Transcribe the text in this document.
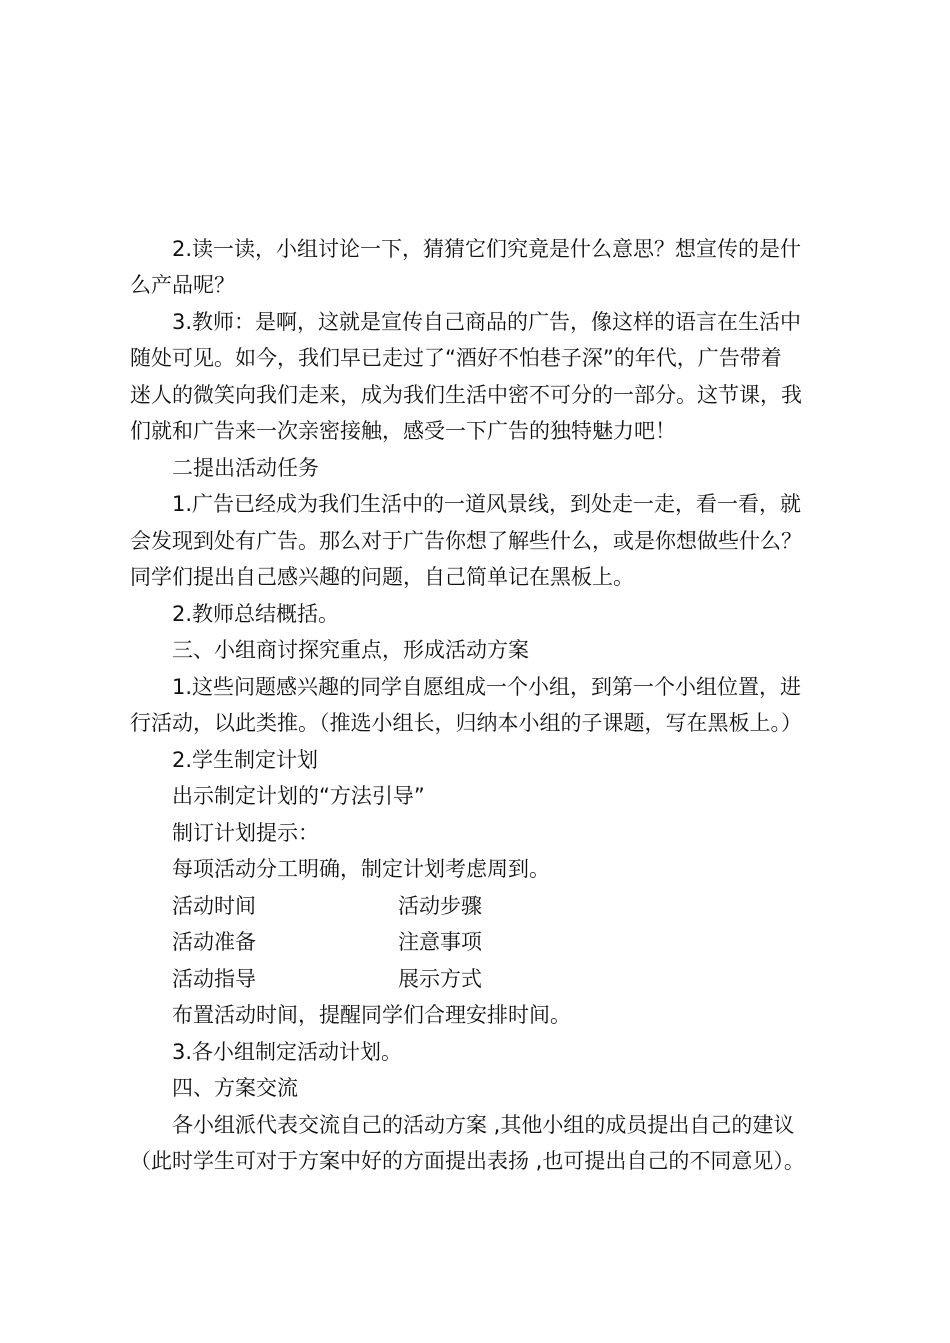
2.读一读，小组讨论一下，猜猜它们究竟是什么意思？想宣传的是什
么产品呢？
3.教师：是啊，这就是宣传自己商品的广告，像这样的语言在生活中
随处可见。如今，我们早已走过了“酒好不怕巷子深”的年代，广告带着
迷人的微笑向我们走来，成为我们生活中密不可分的一部分。这节课，我
们就和广告来一次亲密接触，感受一下广告的独特魅力吧！
二提出活动任务
1.广告已经成为我们生活中的一道风景线，到处走一走，看一看，就
会发现到处有广告。那么对于广告你想了解些什么，或是你想做些什么？
同学们提出自己感兴趣的问题，自己简单记在黑板上。
2.教师总结概括。
三、小组商讨探究重点，形成活动方案
1.这些问题感兴趣的同学自愿组成一个小组，到第一个小组位置，进
行活动，以此类推。（推选小组长，归纳本小组的子课题，写在黑板上。）
2.学生制定计划
出示制定计划的“方法引导”
制订计划提示：
每项活动分工明确，制定计划考虑周到。
活动时间	活动步骤
活动准备	注意事项
活动指导	展示方式
布置活动时间，提醒同学们合理安排时间。
3.各小组制定活动计划。
四、方案交流
各小组派代表交流自己的活动方案 ,其他小组的成员提出自己的建议
（此时学生可对于方案中好的方面提出表扬 ,也可提出自己的不同意见）。
